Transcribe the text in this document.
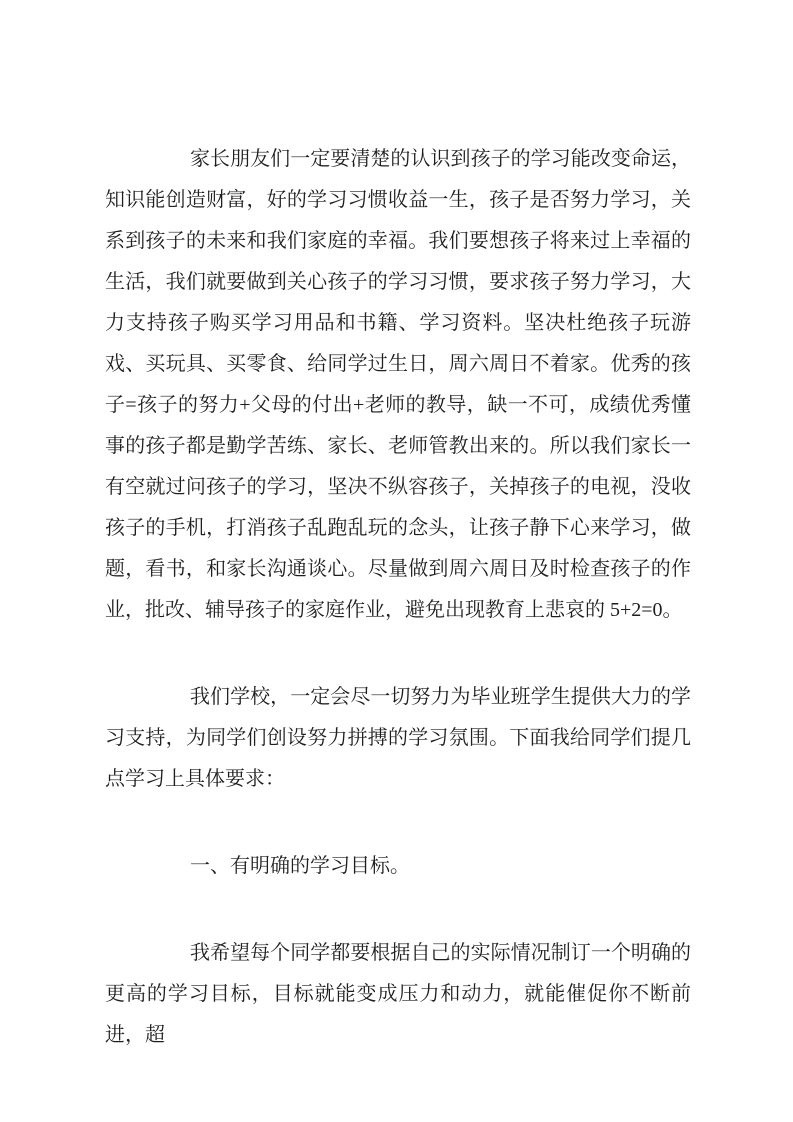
家长朋友们一定要清楚的认识到孩子的学习能改变命运，知识能创造财富，好的学习习惯收益一生，孩子是否努力学习，关系到孩子的未来和我们家庭的幸福。我们要想孩子将来过上幸福的生活，我们就要做到关心孩子的学习习惯，要求孩子努力学习，大力支持孩子购买学习用品和书籍、学习资料。坚决杜绝孩子玩游戏、买玩具、买零食、给同学过生日，周六周日不着家。优秀的孩子=孩子的努力+父母的付出+老师的教导，缺一不可，成绩优秀懂事的孩子都是勤学苦练、家长、老师管教出来的。所以我们家长一有空就过问孩子的学习，坚决不纵容孩子，关掉孩子的电视，没收孩子的手机，打消孩子乱跑乱玩的念头，让孩子静下心来学习，做题，看书，和家长沟通谈心。尽量做到周六周日及时检查孩子的作业，批改、辅导孩子的家庭作业，避免出现教育上悲哀的 5+2=0。

我们学校，一定会尽一切努力为毕业班学生提供大力的学习支持，为同学们创设努力拼搏的学习氛围。下面我给同学们提几点学习上具体要求：

一、有明确的学习目标。

我希望每个同学都要根据自己的实际情况制订一个明确的更高的学习目标，目标就能变成压力和动力，就能催促你不断前进，超
